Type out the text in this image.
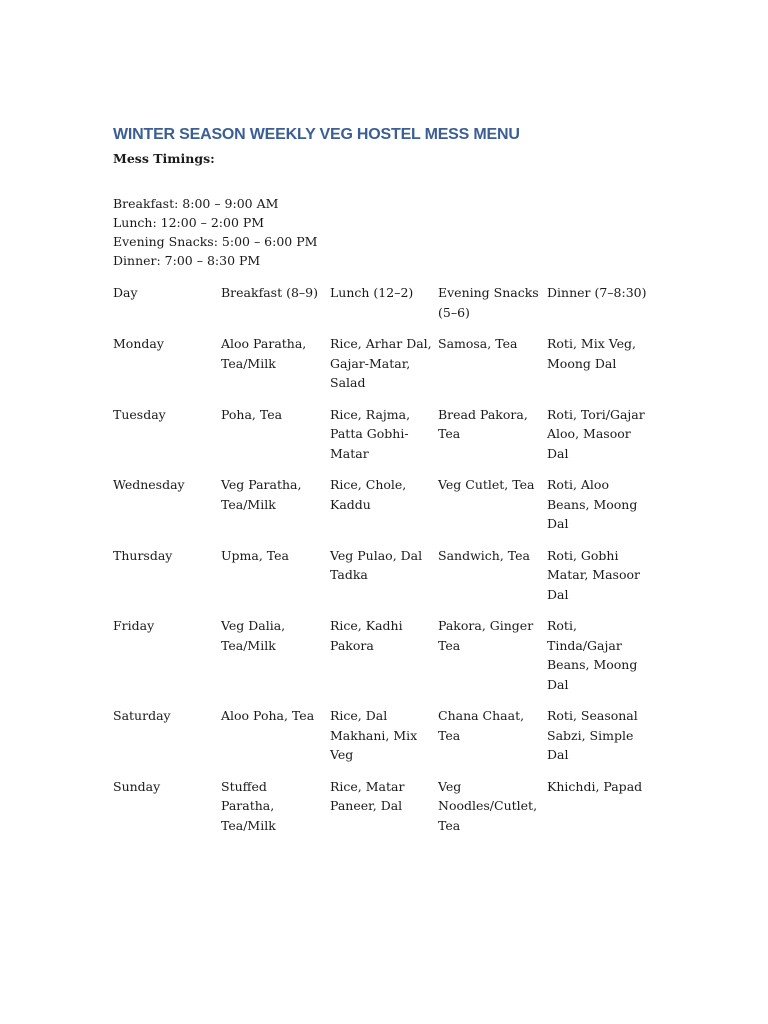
WINTER SEASON WEEKLY VEG HOSTEL MESS MENU

Mess Timings:

Breakfast: 8:00 – 9:00 AM
Lunch: 12:00 – 2:00 PM
Evening Snacks: 5:00 – 6:00 PM
Dinner: 7:00 – 8:30 PM
Day	Breakfast (8–9)	Lunch (12–2)	Evening Snacks (5–6)	Dinner (7–8:30)
Monday	Aloo Paratha, Tea/Milk	Rice, Arhar Dal, Gajar-Matar, Salad	Samosa, Tea	Roti, Mix Veg, Moong Dal
Tuesday	Poha, Tea	Rice, Rajma, Patta Gobhi-Matar	Bread Pakora, Tea	Roti, Tori/Gajar Aloo, Masoor Dal
Wednesday	Veg Paratha, Tea/Milk	Rice, Chole, Kaddu	Veg Cutlet, Tea	Roti, Aloo Beans, Moong Dal
Thursday	Upma, Tea	Veg Pulao, Dal Tadka	Sandwich, Tea	Roti, Gobhi Matar, Masoor Dal
Friday	Veg Dalia, Tea/Milk	Rice, Kadhi Pakora	Pakora, Ginger Tea	Roti, Tinda/Gajar Beans, Moong Dal
Saturday	Aloo Poha, Tea	Rice, Dal Makhani, Mix Veg	Chana Chaat, Tea	Roti, Seasonal Sabzi, Simple Dal
Sunday	Stuffed Paratha, Tea/Milk	Rice, Matar Paneer, Dal	Veg Noodles/Cutlet, Tea	Khichdi, Papad
